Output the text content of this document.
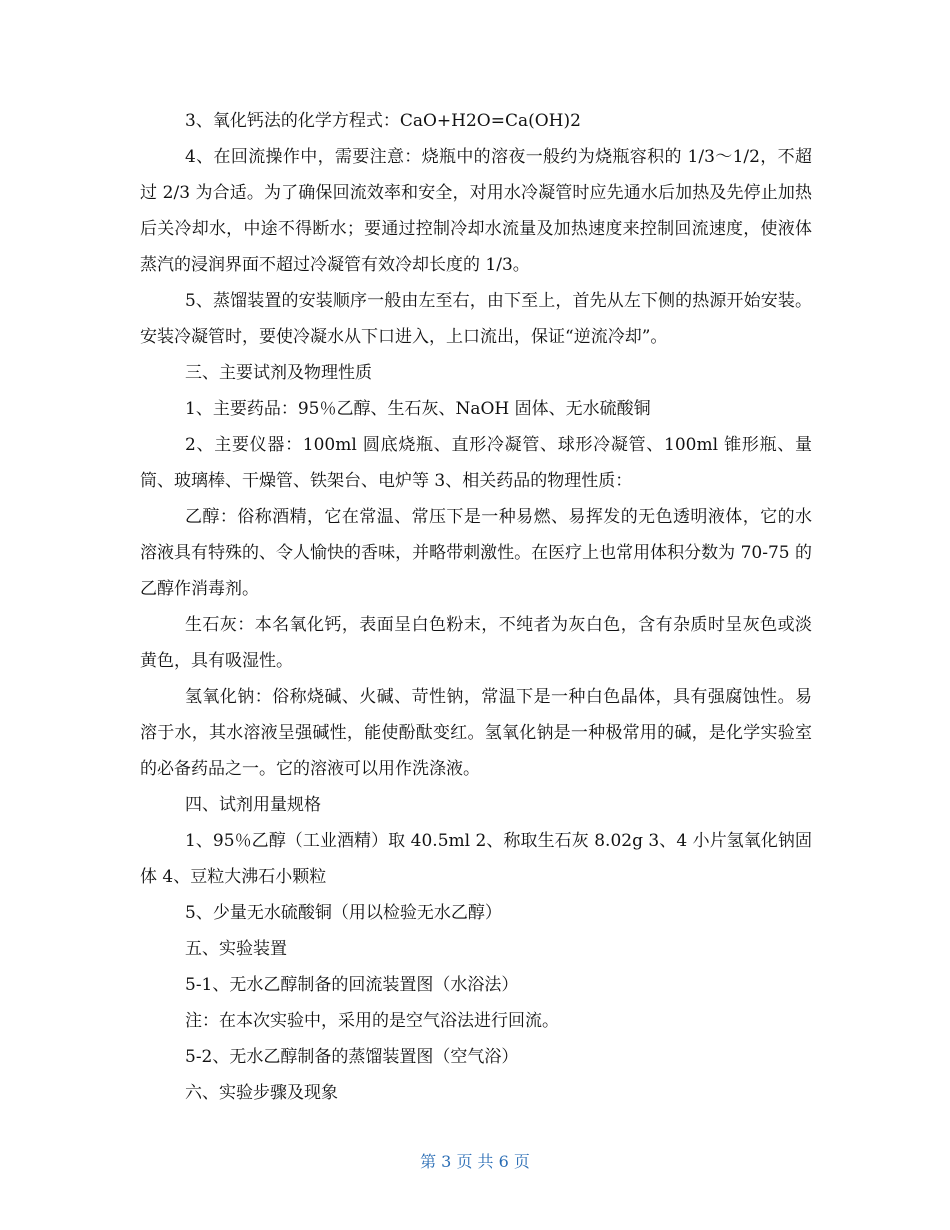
3、氧化钙法的化学方程式：CaO+H2O=Ca(OH)2

4、在回流操作中，需要注意：烧瓶中的溶夜一般约为烧瓶容积的 1/3～1/2，不超过 2/3 为合适。为了确保回流效率和安全，对用水冷凝管时应先通水后加热及先停止加热后关冷却水，中途不得断水；要通过控制冷却水流量及加热速度来控制回流速度，使液体蒸汽的浸润界面不超过冷凝管有效冷却长度的 1/3。

5、蒸馏装置的安装顺序一般由左至右，由下至上，首先从左下侧的热源开始安装。安装冷凝管时，要使冷凝水从下口进入，上口流出，保证“逆流冷却”。

三、主要试剂及物理性质

1、主要药品：95％乙醇、生石灰、NaOH 固体、无水硫酸铜

2、主要仪器：100ml 圆底烧瓶、直形冷凝管、球形冷凝管、100ml 锥形瓶、量筒、玻璃棒、干燥管、铁架台、电炉等 3、相关药品的物理性质：

乙醇：俗称酒精，它在常温、常压下是一种易燃、易挥发的无色透明液体，它的水溶液具有特殊的、令人愉快的香味，并略带刺激性。在医疗上也常用体积分数为 70-75 的乙醇作消毒剂。

生石灰：本名氧化钙，表面呈白色粉末，不纯者为灰白色，含有杂质时呈灰色或淡黄色，具有吸湿性。

氢氧化钠：俗称烧碱、火碱、苛性钠，常温下是一种白色晶体，具有强腐蚀性。易溶于水，其水溶液呈强碱性，能使酚酞变红。氢氧化钠是一种极常用的碱，是化学实验室的必备药品之一。它的溶液可以用作洗涤液。

四、试剂用量规格

1、95％乙醇（工业酒精）取 40.5ml 2、称取生石灰 8.02g 3、4 小片氢氧化钠固体 4、豆粒大沸石小颗粒

5、少量无水硫酸铜（用以检验无水乙醇）

五、实验装置

5-1、无水乙醇制备的回流装置图（水浴法）

注：在本次实验中，采用的是空气浴法进行回流。

5-2、无水乙醇制备的蒸馏装置图（空气浴）

六、实验步骤及现象

第 3 页 共 6 页
